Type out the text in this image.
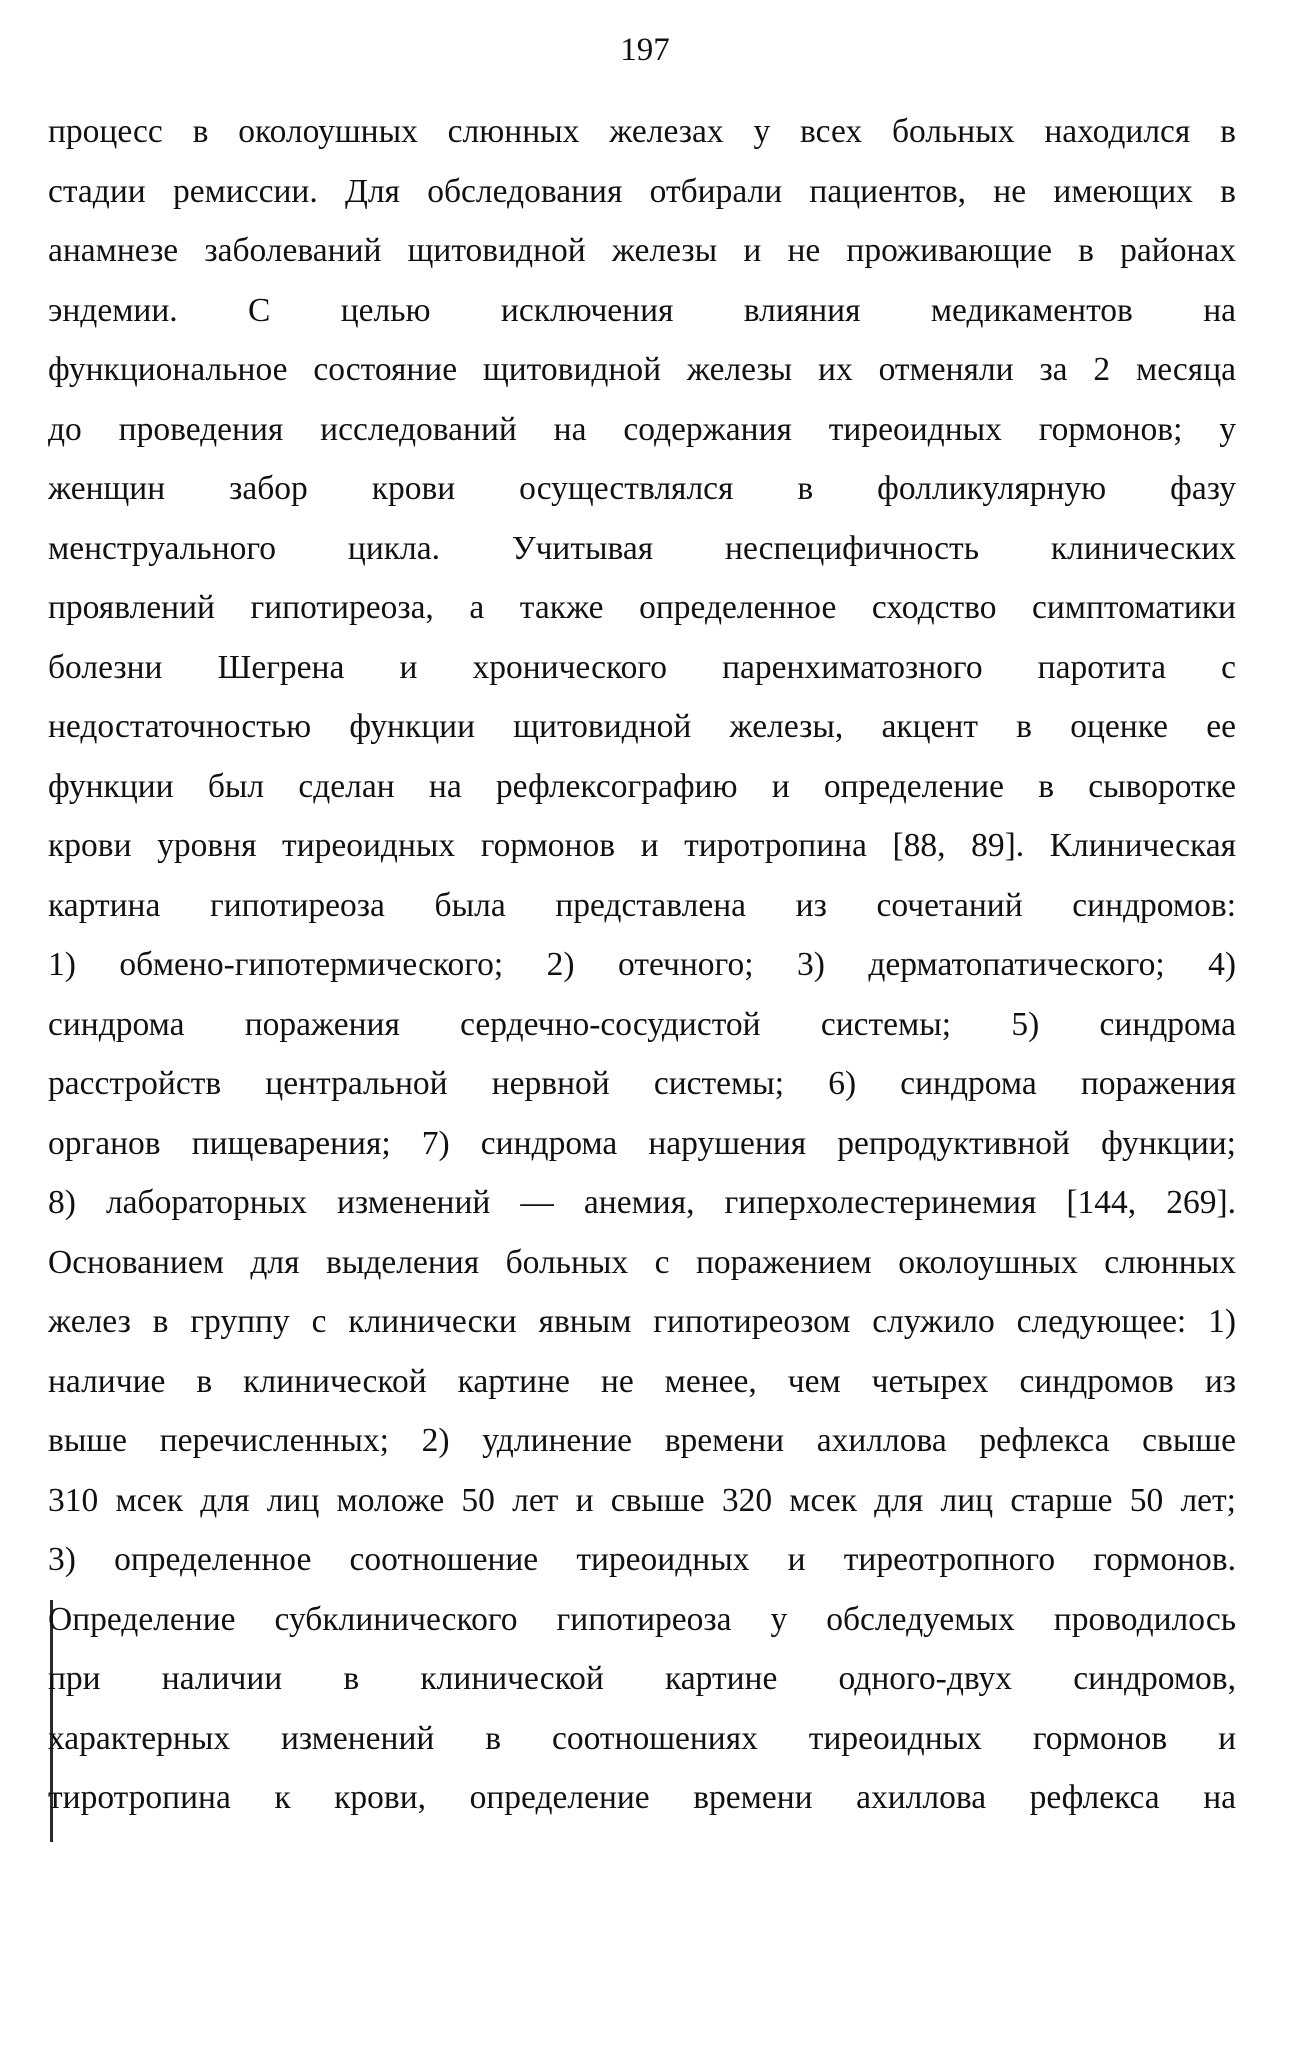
197
процесс в околоушных слюнных железах у всех больных находился в
стадии ремиссии. Для обследования отбирали пациентов, не имеющих в
анамнезе заболеваний щитовидной железы и не проживающие в районах
эндемии. С целью исключения влияния медикаментов на
функциональное состояние щитовидной железы их отменяли за 2 месяца
до проведения исследований на содержания тиреоидных гормонов; у
женщин забор крови осуществлялся в фолликулярную фазу
менструального цикла. Учитывая неспецифичность клинических
проявлений гипотиреоза, а также определенное сходство симптоматики
болезни Шегрена и хронического паренхиматозного паротита с
недостаточностью функции щитовидной железы, акцент в оценке ее
функции был сделан на рефлексографию и определение в сыворотке
крови уровня тиреоидных гормонов и тиротропина [88, 89]. Клиническая
картина гипотиреоза была представлена из сочетаний синдромов:
1) обмено-гипотермического; 2) отечного; 3) дерматопатического; 4)
синдрома поражения сердечно-сосудистой системы; 5) синдрома
расстройств центральной нервной системы; 6) синдрома поражения
органов пищеварения; 7) синдрома нарушения репродуктивной функции;
8) лабораторных изменений — анемия, гиперхолестеринемия [144, 269].
Основанием для выделения больных с поражением околоушных слюнных
желез в группу с клинически явным гипотиреозом служило следующее: 1)
наличие в клинической картине не менее, чем четырех синдромов из
выше перечисленных; 2) удлинение времени ахиллова рефлекса свыше
310 мсек для лиц моложе 50 лет и свыше 320 мсек для лиц старше 50 лет;
3) определенное соотношение тиреоидных и тиреотропного гормонов.
Определение субклинического гипотиреоза у обследуемых проводилось
при наличии в клинической картине одного-двух синдромов,
характерных изменений в соотношениях тиреоидных гормонов и
тиротропина к крови, определение времени ахиллова рефлекса на
